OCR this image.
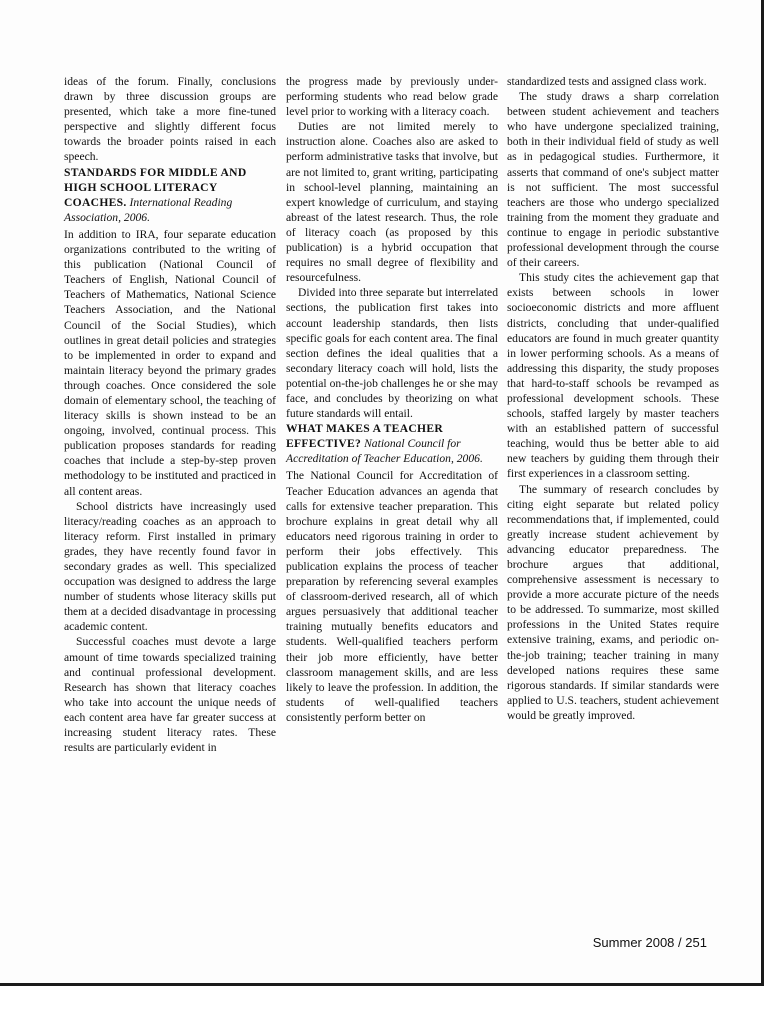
ideas of the forum. Finally, conclusions drawn by three discussion groups are presented, which take a more fine-tuned perspective and slightly different focus towards the broader points raised in each speech.

STANDARDS FOR MIDDLE AND HIGH SCHOOL LITERACY COACHES. International Reading Association, 2006.

In addition to IRA, four separate education organizations contributed to the writing of this publication (National Council of Teachers of English, National Council of Teachers of Mathematics, National Science Teachers Association, and the National Council of the Social Studies), which outlines in great detail policies and strategies to be implemented in order to expand and maintain literacy beyond the primary grades through coaches. Once considered the sole domain of elementary school, the teaching of literacy skills is shown instead to be an ongoing, involved, continual process. This publication proposes standards for reading coaches that include a step-by-step proven methodology to be instituted and practiced in all content areas.

School districts have increasingly used literacy/reading coaches as an approach to literacy reform. First installed in primary grades, they have recently found favor in secondary grades as well. This specialized occupation was designed to address the large number of students whose literacy skills put them at a decided disadvantage in processing academic content.

Successful coaches must devote a large amount of time towards specialized training and continual professional development. Research has shown that literacy coaches who take into account the unique needs of each content area have far greater success at increasing student literacy rates. These results are particularly evident in

the progress made by previously under-performing students who read below grade level prior to working with a literacy coach.

Duties are not limited merely to instruction alone. Coaches also are asked to perform administrative tasks that involve, but are not limited to, grant writing, participating in school-level planning, maintaining an expert knowledge of curriculum, and staying abreast of the latest research. Thus, the role of literacy coach (as proposed by this publication) is a hybrid occupation that requires no small degree of flexibility and resourcefulness.

Divided into three separate but interrelated sections, the publication first takes into account leadership standards, then lists specific goals for each content area. The final section defines the ideal qualities that a secondary literacy coach will hold, lists the potential on-the-job challenges he or she may face, and concludes by theorizing on what future standards will entail.

WHAT MAKES A TEACHER EFFECTIVE? National Council for Accreditation of Teacher Education, 2006.

The National Council for Accreditation of Teacher Education advances an agenda that calls for extensive teacher preparation. This brochure explains in great detail why all educators need rigorous training in order to perform their jobs effectively. This publication explains the process of teacher preparation by referencing several examples of classroom-derived research, all of which argues persuasively that additional teacher training mutually benefits educators and students. Well-qualified teachers perform their job more efficiently, have better classroom management skills, and are less likely to leave the profession. In addition, the students of well-qualified teachers consistently perform better on

standardized tests and assigned class work.

The study draws a sharp correlation between student achievement and teachers who have undergone specialized training, both in their individual field of study as well as in pedagogical studies. Furthermore, it asserts that command of one's subject matter is not sufficient. The most successful teachers are those who undergo specialized training from the moment they graduate and continue to engage in periodic substantive professional development through the course of their careers.

This study cites the achievement gap that exists between schools in lower socioeconomic districts and more affluent districts, concluding that under-qualified educators are found in much greater quantity in lower performing schools. As a means of addressing this disparity, the study proposes that hard-to-staff schools be revamped as professional development schools. These schools, staffed largely by master teachers with an established pattern of successful teaching, would thus be better able to aid new teachers by guiding them through their first experiences in a classroom setting.

The summary of research concludes by citing eight separate but related policy recommendations that, if implemented, could greatly increase student achievement by advancing educator preparedness. The brochure argues that additional, comprehensive assessment is necessary to provide a more accurate picture of the needs to be addressed. To summarize, most skilled professions in the United States require extensive training, exams, and periodic on-the-job training; teacher training in many developed nations requires these same rigorous standards. If similar standards were applied to U.S. teachers, student achievement would be greatly improved.

Summer 2008 / 251
